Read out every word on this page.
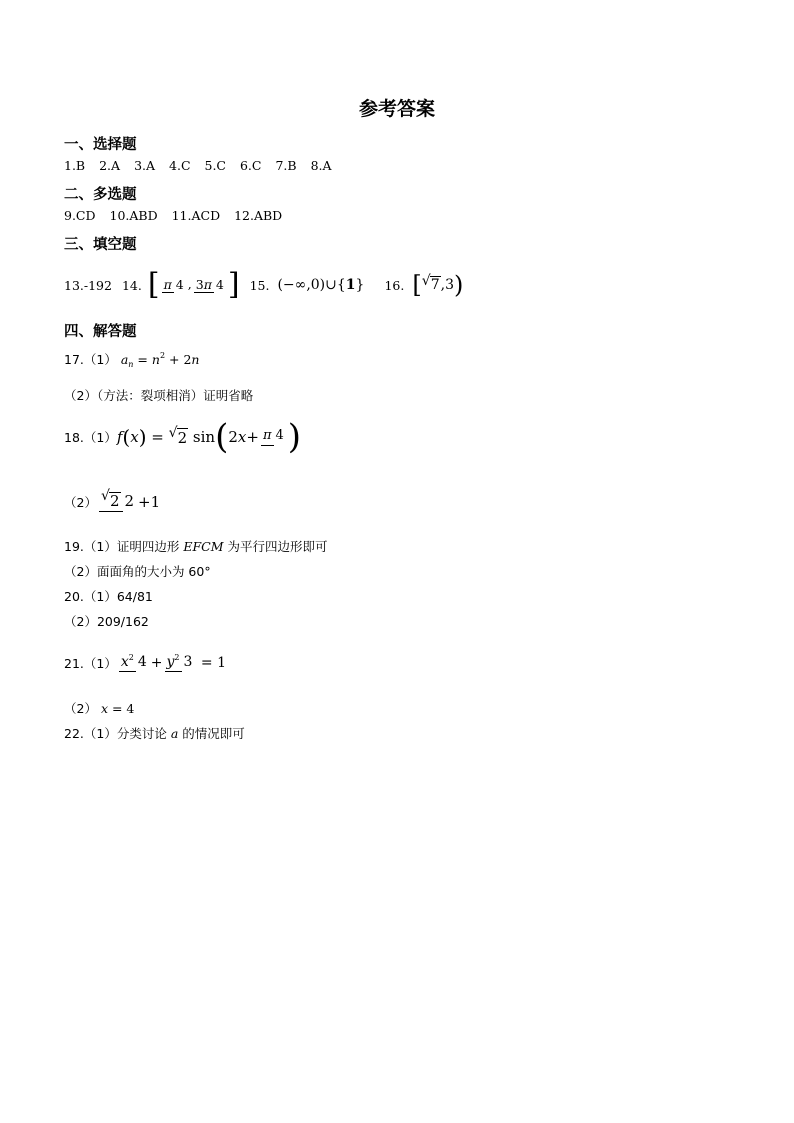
参考答案
一、选择题
1.B 2.A 3.A 4.C 5.C 6.C 7.B 8.A
二、多选题
9.CD 10.ABD 11.ACD 12.ABD
三、填空题
13.-192 14. [ π 4 , 3π 4 ] 15. (−∞,0)∪{1} 16. [ √ 7,3)
四、解答题
17.（1） $a_n = n^2 + 2n$
（2）（方法：裂项相消）证明省略
18.（1） f ( x ) = √ 2 sin ( 2 x + π 4 )
（2） √ 2 2 +1
19.（1）证明四边形 EFCM 为平行四边形即可
（2）面面角的大小为 60°
20.（1）64/81
（2）209/162
21.（1） $x^2$ $4 + y^2$ 3 = 1
（2） x = 4
22.（1）分类讨论 a 的情况即可
